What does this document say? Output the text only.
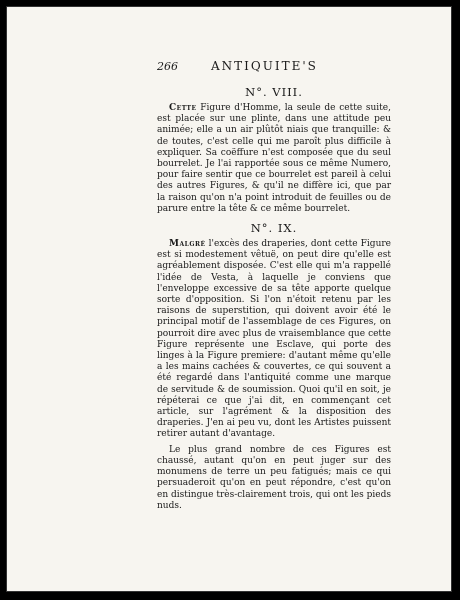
266	ANTIQUITE'S
N°. VIII.

Cette Figure d'Homme, la seule de cette suite, est placée sur une plinte, dans une attitude peu animée; elle a un air plûtôt niais que tranquille: & de toutes, c'est celle qui me paroît plus difficile à expliquer. Sa coëffure n'est composée que du seul bourrelet. Je l'ai rapportée sous ce même Numero, pour faire sentir que ce bourrelet est pareil à celui des autres Figures, & qu'il ne diffère ici, que par la raison qu'on n'a point introduit de feuilles ou de parure entre la tête & ce même bourrelet.

N°. IX.

Malgré l'excès des draperies, dont cette Figure est si modestement vêtuë, on peut dire qu'elle est agréablement disposée. C'est elle qui m'a rappellé l'idée de Vesta, à laquelle je conviens que l'enveloppe excessive de sa tête apporte quelque sorte d'opposition. Si l'on n'étoit retenu par les raisons de superstition, qui doivent avoir été le principal motif de l'assemblage de ces Figures, on pourroit dire avec plus de vraisemblance que cette Figure représente une Esclave, qui porte des linges à la Figure premiere: d'autant même qu'elle a les mains cachées & couvertes, ce qui souvent a été regardé dans l'antiquité comme une marque de servitude & de soumission. Quoi qu'il en soit, je répéterai ce que j'ai dit, en commençant cet article, sur l'agrément & la disposition des draperies. J'en ai peu vu, dont les Artistes puissent retirer autant d'avantage.

Le plus grand nombre de ces Figures est chaussé, autant qu'on en peut juger sur des monumens de terre un peu fatigués; mais ce qui persuaderoit qu'on en peut répondre, c'est qu'on en distingue très-clairement trois, qui ont les pieds nuds.
